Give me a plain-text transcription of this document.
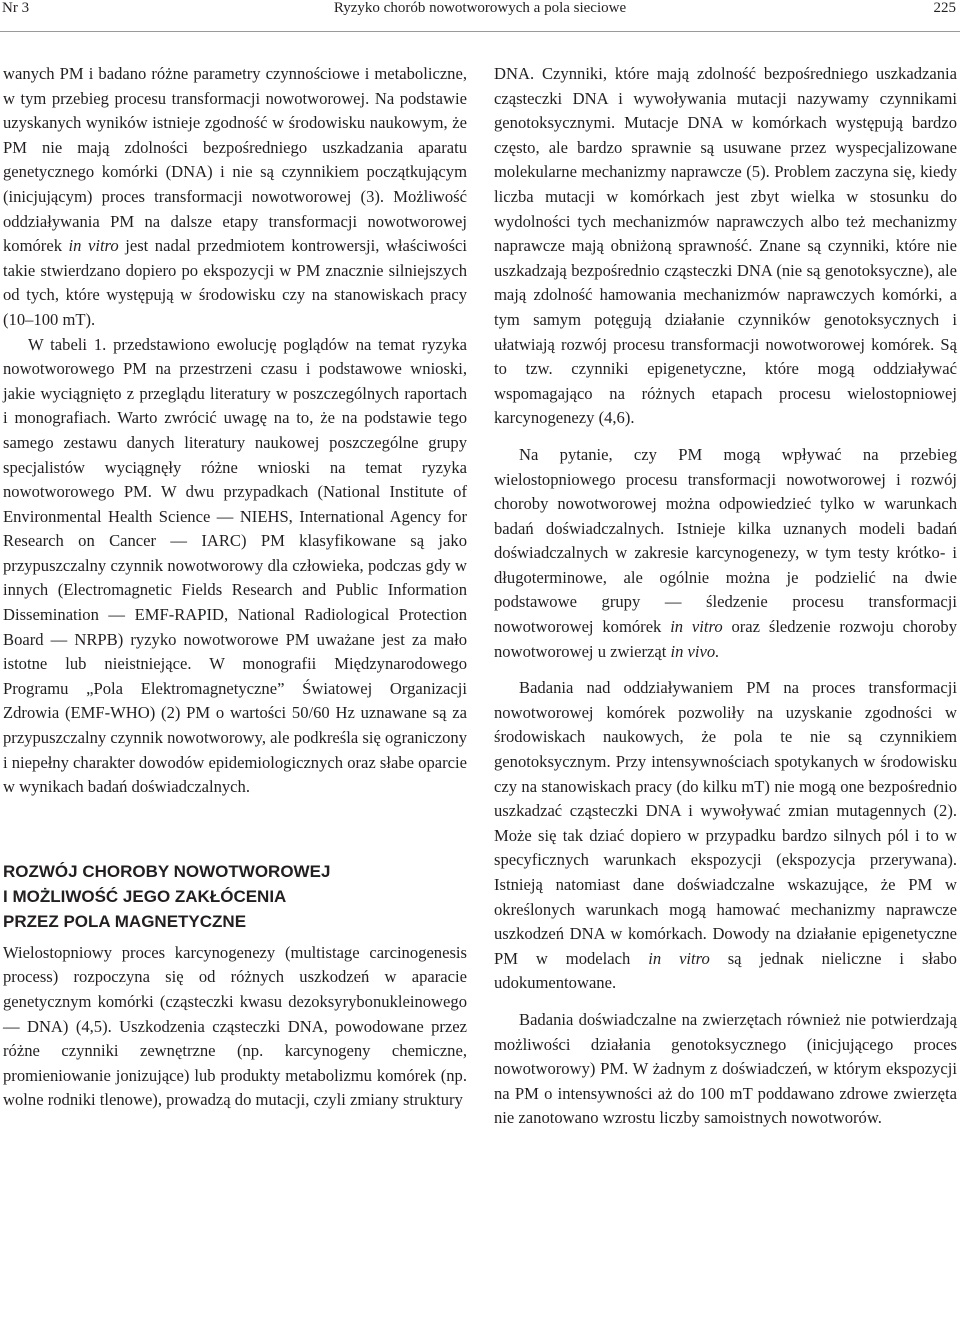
Nr 3	Ryzyko chorób nowotworowych a pola sieciowe	225

wanych PM i badano różne parametry czynnościowe i metaboliczne, w tym przebieg procesu transformacji nowotworowej. Na podstawie uzyskanych wyników istnieje zgodność w środowisku naukowym, że PM nie mają zdolności bezpośredniego uszkadzania aparatu genetycznego komórki (DNA) i nie są czynnikiem początkującym (inicjującym) proces transformacji nowotworowej (3). Możliwość oddziaływania PM na dalsze etapy transformacji nowotworowej komórek in vitro jest nadal przedmiotem kontrowersji, właściwości takie stwierdzano dopiero po ekspozycji w PM znacznie silniejszych od tych, które występują w środowisku czy na stanowiskach pracy (10–100 mT).

W tabeli 1. przedstawiono ewolucję poglądów na temat ryzyka nowotworowego PM na przestrzeni czasu i podstawowe wnioski, jakie wyciągnięto z przeglądu literatury w poszczególnych raportach i monografiach. Warto zwrócić uwagę na to, że na podstawie tego samego zestawu danych literatury naukowej poszczególne grupy specjalistów wyciągnęły różne wnioski na temat ryzyka nowotworowego PM. W dwu przypadkach (National Institute of Environmental Health Science — NIEHS, International Agency for Research on Cancer — IARC) PM klasyfikowane są jako przypuszczalny czynnik nowotworowy dla człowieka, podczas gdy w innych (Electromagnetic Fields Research and Public Information Dissemination — EMF-RAPID, National Radiological Protection Board — NRPB) ryzyko nowotworowe PM uważane jest za mało istotne lub nieistniejące. W monografii Międzynarodowego Programu „Pola Elektromagnetyczne” Światowej Organizacji Zdrowia (EMF-WHO) (2) PM o wartości 50/60 Hz uznawane są za przypuszczalny czynnik nowotworowy, ale podkreśla się ograniczony i niepełny charakter dowodów epidemiologicznych oraz słabe oparcie w wynikach badań doświadczalnych.

ROZWÓJ CHOROBY NOWOTWOROWEJ
I MOŻLIWOŚĆ JEGO ZAKŁÓCENIA
PRZEZ POLA MAGNETYCZNE

Wielostopniowy proces karcynogenezy (multistage carcinogenesis process) rozpoczyna się od różnych uszkodzeń w aparacie genetycznym komórki (cząsteczki kwasu dezoksyrybonukleinowego — DNA) (4,5). Uszkodzenia cząsteczki DNA, powodowane przez różne czynniki zewnętrzne (np. karcynogeny chemiczne, promieniowanie jonizujące) lub produkty metabolizmu komórek (np. wolne rodniki tlenowe), prowadzą do mutacji, czyli zmiany struktury

DNA. Czynniki, które mają zdolność bezpośredniego uszkadzania cząsteczki DNA i wywoływania mutacji nazywamy czynnikami genotoksycznymi. Mutacje DNA w komórkach występują bardzo często, ale bardzo sprawnie są usuwane przez wyspecjalizowane molekularne mechanizmy naprawcze (5). Problem zaczyna się, kiedy liczba mutacji w komórkach jest zbyt wielka w stosunku do wydolności tych mechanizmów naprawczych albo też mechanizmy naprawcze mają obniżoną sprawność. Znane są czynniki, które nie uszkadzają bezpośrednio cząsteczki DNA (nie są genotoksyczne), ale mają zdolność hamowania mechanizmów naprawczych komórki, a tym samym potęgują działanie czynników genotoksycznych i ułatwiają rozwój procesu transformacji nowotworowej komórek. Są to tzw. czynniki epigenetyczne, które mogą oddziaływać wspomagająco na różnych etapach procesu wielostopniowej karcynogenezy (4,6).

Na pytanie, czy PM mogą wpływać na przebieg wielostopniowego procesu transformacji nowotworowej i rozwój choroby nowotworowej można odpowiedzieć tylko w warunkach badań doświadczalnych. Istnieje kilka uznanych modeli badań doświadczalnych w zakresie karcynogenezy, w tym testy krótko- i długoterminowe, ale ogólnie można je podzielić na dwie podstawowe grupy — śledzenie procesu transformacji nowotworowej komórek in vitro oraz śledzenie rozwoju choroby nowotworowej u zwierząt in vivo.

Badania nad oddziaływaniem PM na proces transformacji nowotworowej komórek pozwoliły na uzyskanie zgodności w środowiskach naukowych, że pola te nie są czynnikiem genotoksycznym. Przy intensywnościach spotykanych w środowisku czy na stanowiskach pracy (do kilku mT) nie mogą one bezpośrednio uszkadzać cząsteczki DNA i wywoływać zmian mutagennych (2). Może się tak dziać dopiero w przypadku bardzo silnych pól i to w specyficznych warunkach ekspozycji (ekspozycja przerywana). Istnieją natomiast dane doświadczalne wskazujące, że PM w określonych warunkach mogą hamować mechanizmy naprawcze uszkodzeń DNA w komórkach. Dowody na działanie epigenetyczne PM w modelach in vitro są jednak nieliczne i słabo udokumentowane.

Badania doświadczalne na zwierzętach również nie potwierdzają możliwości działania genotoksycznego (inicjującego proces nowotworowy) PM. W żadnym z doświadczeń, w którym ekspozycji na PM o intensywności aż do 100 mT poddawano zdrowe zwierzęta nie zanotowano wzrostu liczby samoistnych nowotworów.
